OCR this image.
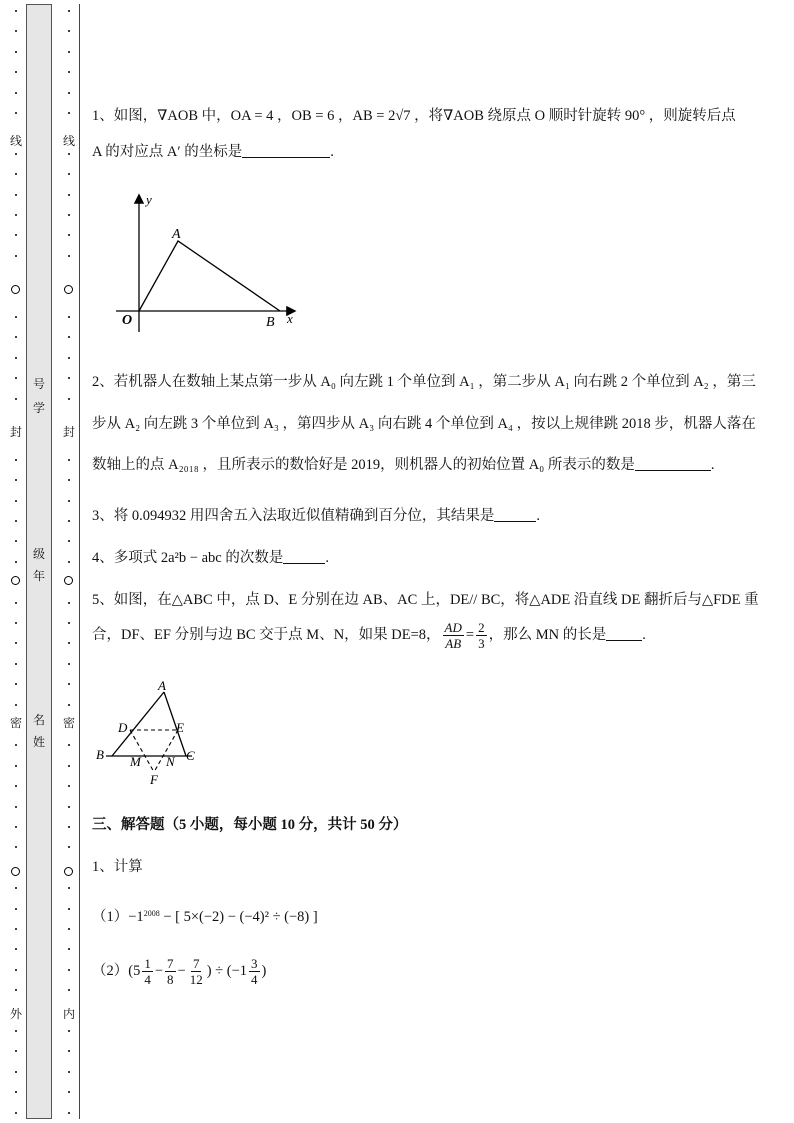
号
学
级
年
名
姓
线
封
密
外
线
封
密
内
1、如图，∇AOB 中，OA = 4 ，OB = 6 ，AB = 2√7 ，将∇AOB 绕原点 O 顺时针旋转 90° ，则旋转后点
A 的对应点 A′ 的坐标是	.
y
x
O
A
B
2、若机器人在数轴上某点第一步从 A₀ 向左跳 1 个单位到 A₁ ，第二步从 A₁ 向右跳 2 个单位到 A₂ ，第三
步从 A₂ 向左跳 3 个单位到 A₃ ，第四步从 A₃ 向右跳 4 个单位到 A₄ ，按以上规律跳 2018 步，机器人落在
数轴上的点 A₂₀₁₈ ，且所表示的数恰好是 2019，则机器人的初始位置 A₀ 所表示的数是	.
3、将 0.094932 用四舍五入法取近似值精确到百分位，其结果是	.
4、多项式 2a²b − abc 的次数是	.
5、如图，在△ABC 中，点 D、E 分别在边 AB、AC 上，DE// BC，将△ADE 沿直线 DE 翻折后与△FDE 重
合，DF、EF 分别与边 BC 交于点 M、N，如果 DE=8， $\frac{AD}{AB} = \frac{2}{3}$ ，那么 MN 的长是 .
A
B	C
D	E
M N
F
三、解答题（5 小题，每小题 10 分，共计 50 分）
1、计算
$(1)-1^{2008}$ − [ 5×(−2) − (−4)² ÷ (−8) ]
$(2)(5 \frac{1}{4} - \frac{7}{8} - \frac{7}{12}$ ) ÷ ($-1 \frac{3}{4}$ )
